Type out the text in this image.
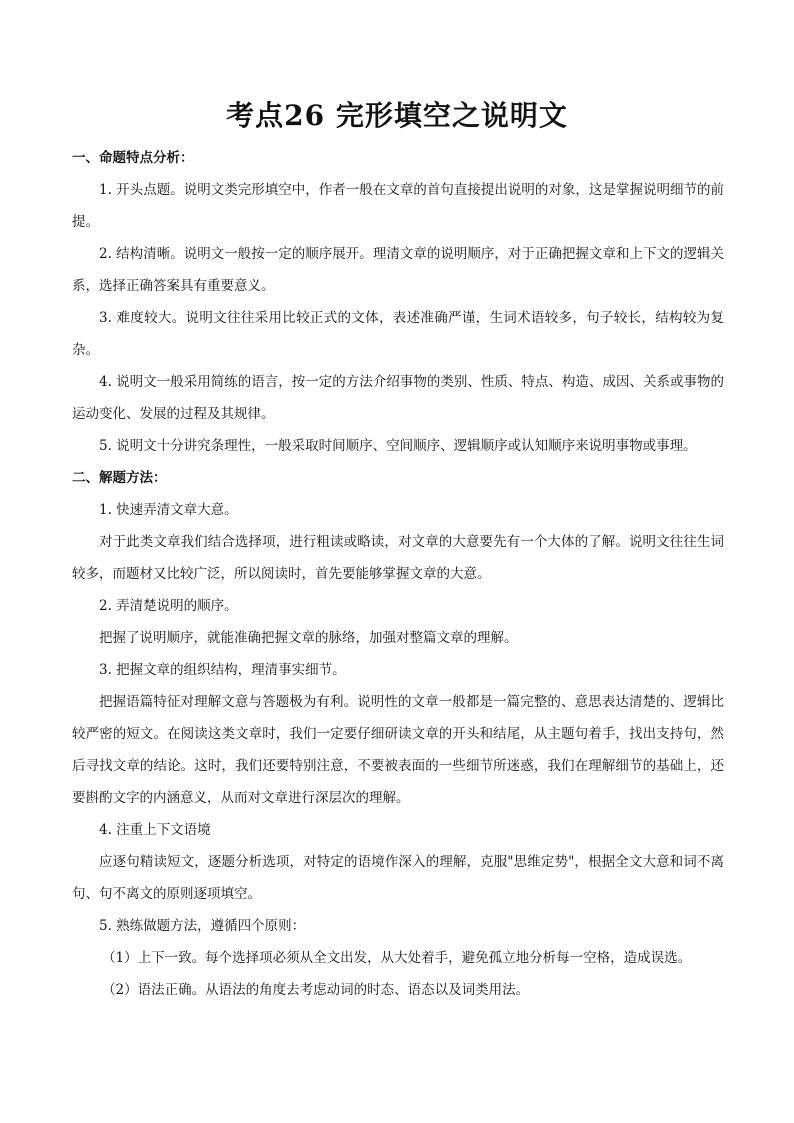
考点26 完形填空之说明文

一、命题特点分析：

1. 开头点题。说明文类完形填空中，作者一般在文章的首句直接提出说明的对象，这是掌握说明细节的前提。

2. 结构清晰。说明文一般按一定的顺序展开。理清文章的说明顺序，对于正确把握文章和上下文的逻辑关系，选择正确答案具有重要意义。

3. 难度较大。说明文往往采用比较正式的文体，表述准确严谨，生词术语较多，句子较长，结构较为复杂。

4. 说明文一般采用简练的语言，按一定的方法介绍事物的类别、性质、特点、构造、成因、关系或事物的运动变化、发展的过程及其规律。

5. 说明文十分讲究条理性，一般采取时间顺序、空间顺序、逻辑顺序或认知顺序来说明事物或事理。

二、解题方法：

1. 快速弄清文章大意。

对于此类文章我们结合选择项，进行粗读或略读，对文章的大意要先有一个大体的了解。说明文往往生词较多，而题材又比较广泛，所以阅读时，首先要能够掌握文章的大意。

2. 弄清楚说明的顺序。

把握了说明顺序，就能准确把握文章的脉络，加强对整篇文章的理解。

3. 把握文章的组织结构，理清事实细节。

把握语篇特征对理解文意与答题极为有利。说明性的文章一般都是一篇完整的、意思表达清楚的、逻辑比较严密的短文。在阅读这类文章时，我们一定要仔细研读文章的开头和结尾，从主题句着手，找出支持句，然后寻找文章的结论。这时，我们还要特别注意，不要被表面的一些细节所迷惑，我们在理解细节的基础上，还要斟酌文字的内涵意义，从而对文章进行深层次的理解。

4. 注重上下文语境

应逐句精读短文，逐题分析选项，对特定的语境作深入的理解，克服"思维定势"，根据全文大意和词不离句、句不离文的原则逐项填空。

5. 熟练做题方法，遵循四个原则：

（1）上下一致。每个选择项必须从全文出发，从大处着手，避免孤立地分析每一空格，造成误选。

（2）语法正确。从语法的角度去考虑动词的时态、语态以及词类用法。
